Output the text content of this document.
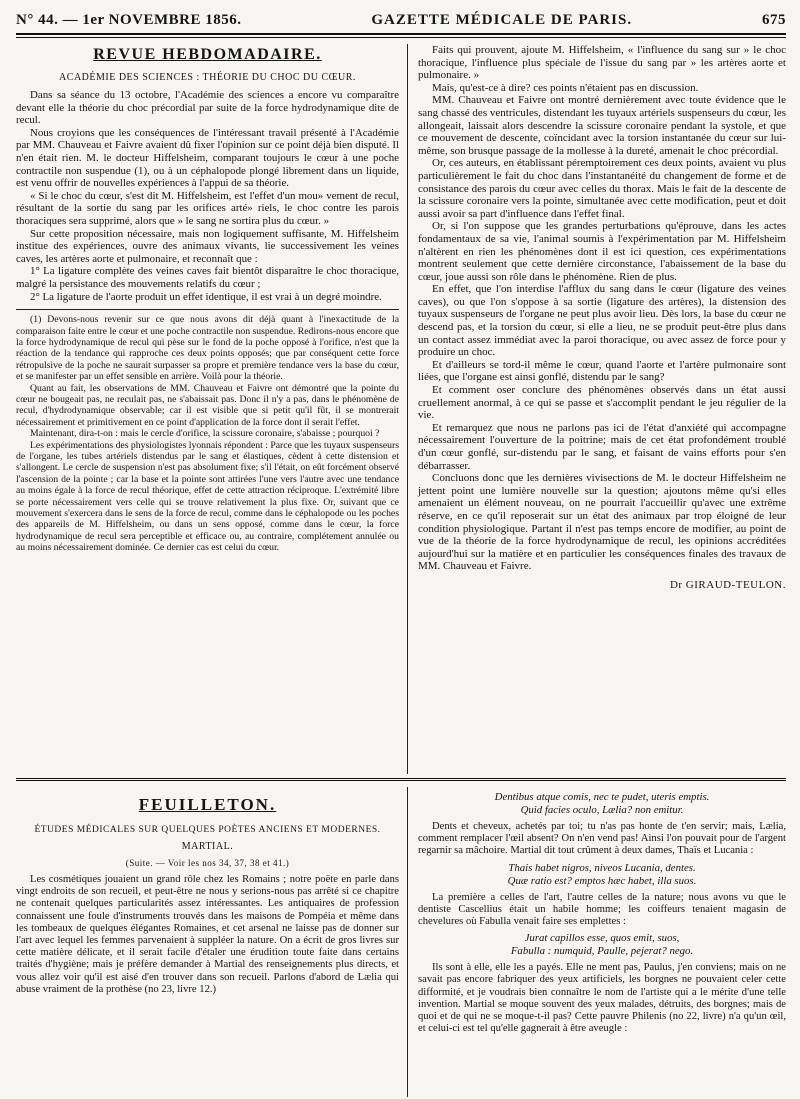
N° 44. — 1er NOVEMBRE 1856.	GAZETTE MÉDICALE DE PARIS.	675
REVUE HEBDOMADAIRE.
ACADÉMIE DES SCIENCES : THÉORIE DU CHOC DU CŒUR.

Dans sa séance du 13 octobre, l'Académie des sciences a encore vu comparaître devant elle la théorie du choc précordial par suite de la force hydrodynamique dite de recul.

Nous croyions que les conséquences de l'intéressant travail présenté à l'Académie par MM. Chauveau et Faivre avaient dû fixer l'opinion sur ce point déjà bien disputé. Il n'en était rien. M. le docteur Hiffelsheim, comparant toujours le cœur à une poche contractile non suspendue (1), ou à un céphalopode plongé librement dans un liquide, est venu offrir de nouvelles expériences à l'appui de sa théorie.

« Si le choc du cœur, s'est dit M. Hiffelsheim, est l'effet d'un mou» vement de recul, résultant de la sortie du sang par les orifices arté» riels, le choc contre les parois thoraciques sera supprimé, alors que » le sang ne sortira plus du cœur. »

Sur cette proposition nécessaire, mais non logiquement suffisante, M. Hiffelsheim institue des expériences, ouvre des animaux vivants, lie successivement les veines caves, les artères aorte et pulmonaire, et reconnaît que :

1° La ligature complète des veines caves fait bientôt disparaître le choc thoracique, malgré la persistance des mouvements relatifs du cœur ;

2° La ligature de l'aorte produit un effet identique, il est vrai à un degré moindre.

(1) Devons-nous revenir sur ce que nous avons dit déjà quant à l'inexactitude de la comparaison faite entre le cœur et une poche contractile non suspendue. Redirons-nous encore que la force hydrodynamique de recul qui pèse sur le fond de la poche opposé à l'orifice, n'est que la réaction de la tendance qui rapproche ces deux points opposés; que par conséquent cette force rétropulsive de la poche ne saurait surpasser sa propre et première tendance vers la base du cœur, et se manifester par un effet sensible en arrière. Voilà pour la théorie.

Quant au fait, les observations de MM. Chauveau et Faivre ont démontré que la pointe du cœur ne bougeait pas, ne reculait pas, ne s'abaissait pas. Donc il n'y a pas, dans le phénomène de recul, d'hydrodynamique observable; car il est visible que si petit qu'il fût, il se montrerait nécessairement et primitivement en ce point d'application de la force dont il serait l'effet.

Maintenant, dira-t-on : mais le cercle d'orifice, la scissure coronaire, s'abaisse ; pourquoi ?

Les expérimentations des physiologistes lyonnais répondent : Parce que les tuyaux suspenseurs de l'organe, les tubes artériels distendus par le sang et élastiques, cèdent à cette distension et s'allongent. Le cercle de suspension n'est pas absolument fixe; s'il l'était, on eût forcément observé l'ascension de la pointe ; car la base et la pointe sont attirées l'une vers l'autre avec une tendance au moins égale à la force de recul théorique, effet de cette attraction réciproque. L'extrémité libre se porte nécessairement vers celle qui se trouve relativement la plus fixe. Or, suivant que ce mouvement s'exercera dans le sens de la force de recul, comme dans le céphalopode ou les poches des appareils de M. Hiffelsheim, ou dans un sens opposé, comme dans le cœur, la force hydrodynamique de recul sera perceptible et efficace ou, au contraire, complétement annulée ou au moins nécessairement dominée. Ce dernier cas est celui du cœur.

Faits qui prouvent, ajoute M. Hiffelsheim, « l'influence du sang sur » le choc thoracique, l'influence plus spéciale de l'issue du sang par » les artères aorte et pulmonaire. »

Mais, qu'est-ce à dire? ces points n'étaient pas en discussion.

MM. Chauveau et Faivre ont montré dernièrement avec toute évidence que le sang chassé des ventricules, distendant les tuyaux artériels suspenseurs du cœur, les allongeait, laissait alors descendre la scissure coronaire pendant la systole, et que ce mouvement de descente, coïncidant avec la torsion instantanée du cœur sur lui-même, son brusque passage de la mollesse à la dureté, amenait le choc précordial.

Or, ces auteurs, en établissant péremptoirement ces deux points, avaient vu plus particulièrement le fait du choc dans l'instantanéité du changement de forme et de consistance des parois du cœur avec celles du thorax. Mais le fait de la descente de la scissure coronaire vers la pointe, simultanée avec cette modification, peut et doit aussi avoir sa part d'influence dans l'effet final.

Or, si l'on suppose que les grandes perturbations qu'éprouve, dans les actes fondamentaux de sa vie, l'animal soumis à l'expérimentation par M. Hiffelsheim n'altèrent en rien les phénomènes dont il est ici question, ces expérimentations montrent seulement que cette dernière circonstance, l'abaissement de la base du cœur, joue aussi son rôle dans le phénomène. Rien de plus.

En effet, que l'on interdise l'afflux du sang dans le cœur (ligature des veines caves), ou que l'on s'oppose à sa sortie (ligature des artères), la distension des tuyaux suspenseurs de l'organe ne peut plus avoir lieu. Dès lors, la base du cœur ne descend pas, et la torsion du cœur, si elle a lieu, ne se produit peut-être plus dans un contact assez immédiat avec la paroi thoracique, ou avec assez de force pour y produire un choc.

Et d'ailleurs se tord-il même le cœur, quand l'aorte et l'artère pulmonaire sont liées, que l'organe est ainsi gonflé, distendu par le sang?

Et comment oser conclure des phénomènes observés dans un état aussi cruellement anormal, à ce qui se passe et s'accomplit pendant le jeu régulier de la vie.

Et remarquez que nous ne parlons pas ici de l'état d'anxiété qui accompagne nécessairement l'ouverture de la poitrine; mais de cet état profondément troublé d'un cœur gonflé, sur-distendu par le sang, et faisant de vains efforts pour s'en débarrasser.

Concluons donc que les dernières vivisections de M. le docteur Hiffelsheim ne jettent point une lumière nouvelle sur la question; ajoutons même qu'si elles amenaient un élément nouveau, on ne pourrait l'accueillir qu'avec une extrême réserve, en ce qu'il reposerait sur un état des animaux par trop éloigné de leur condition physiologique. Partant il n'est pas temps encore de modifier, au point de vue de la théorie de la force hydrodynamique de recul, les opinions accréditées aujourd'hui sur la matière et en particulier les conséquences finales des travaux de MM. Chauveau et Faivre.

Dr GIRAUD-TEULON.
FEUILLETON.
ÉTUDES MÉDICALES SUR QUELQUES POÈTES ANCIENS ET MODERNES.
MARTIAL.
(Suite. — Voir les nos 34, 37, 38 et 41.)

Les cosmétiques jouaient un grand rôle chez les Romains ; notre poëte en parle dans vingt endroits de son recueil, et peut-être ne nous y serions-nous pas arrêté si ce chapitre ne contenait quelques particularités assez intéressantes. Les antiquaires de profession connaissent une foule d'instruments trouvés dans les maisons de Pompéia et même dans les tombeaux de quelques élégantes Romaines, et cet arsenal ne laisse pas de donner sur l'art avec lequel les femmes parvenaient à suppléer la nature. On a écrit de gros livres sur cette matière délicate, et il serait facile d'étaler une érudition toute faite dans certains traités d'hygiène; mais je préfère demander à Martial des renseignements plus directs, et vous allez voir qu'il est aisé d'en trouver dans son recueil. Parlons d'abord de Lælia qui abuse vraiment de la prothèse (no 23, livre 12.)

Dentibus atque comis, nec te pudet, uteris emptis.
Quid facies oculo, Lælia? non emitur.

Dents et cheveux, achetés par toi; tu n'as pas honte de t'en servir; mais, Lælia, comment remplacer l'œil absent? On n'en vend pas! Ainsi l'on pouvait pour de l'argent regarnir sa mâchoire. Martial dit tout crûment à deux dames, Thaïs et Lucania :

Thais habet nigros, niveos Lucania, dentes.
Quæ ratio est? emptos hæc habet, illa suos.

La première a celles de l'art, l'autre celles de la nature; nous avons vu que le dentiste Cascellius était un habile homme; les coiffeurs tenaient magasin de chevelures où Fabulla venait faire ses emplettes :

Jurat capillos esse, quos emit, suos,
Fabulla : numquid, Paulle, pejerat? nego.

Ils sont à elle, elle les a payés. Elle ne ment pas, Paulus, j'en conviens; mais on ne savait pas encore fabriquer des yeux artificiels, les borgnes ne pouvaient celer cette difformité, et je voudrais bien connaître le nom de l'artiste qui a le mérite d'une telle invention. Martial se moque souvent des yeux malades, détruits, des borgnes; mais de quoi et de qui ne se moque-t-il pas? Cette pauvre Philenis (no 22, livre) n'a qu'un œil, et celui-ci est tel qu'elle gagnerait à être aveugle :
